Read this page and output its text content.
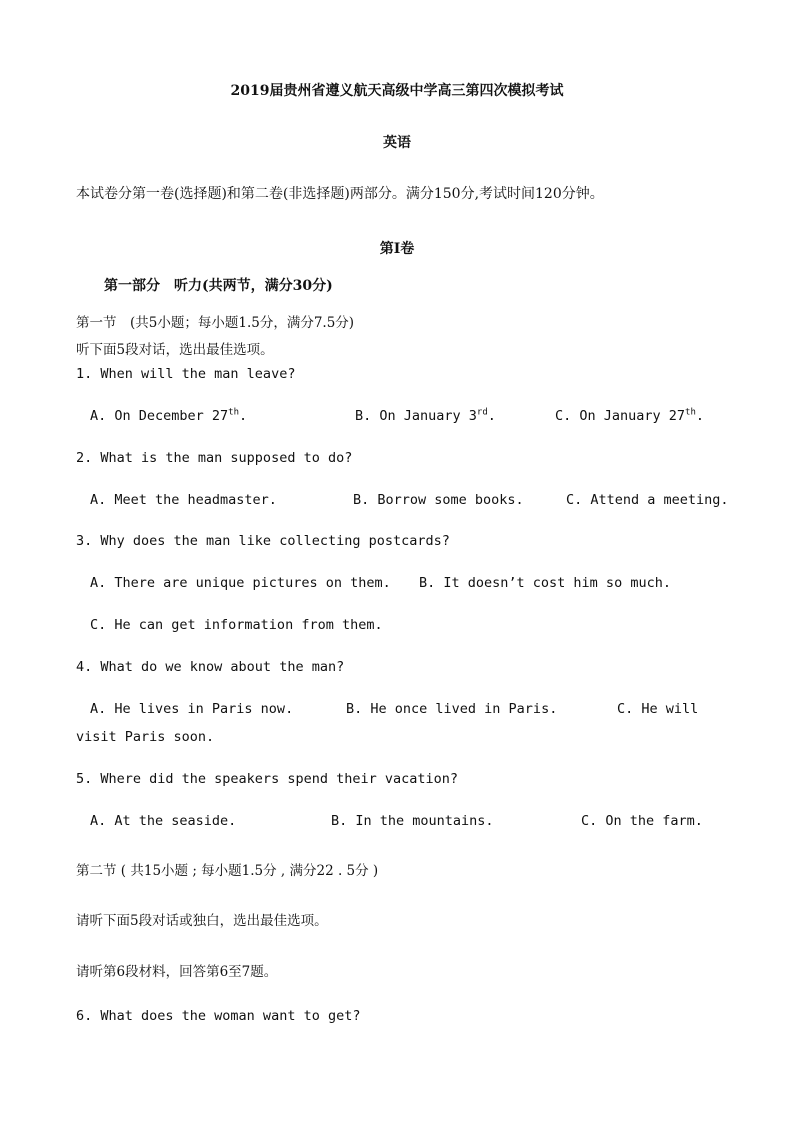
2019届贵州省遵义航天高级中学高三第四次模拟考试
英语
本试卷分第一卷(选择题)和第二卷(非选择题)两部分。满分150分,考试时间120分钟。
第Ⅰ卷
第一部分　听力(共两节，满分30分)
第一节　(共5小题；每小题1.5分，满分7.5分)
听下面5段对话，选出最佳选项。
1. When will the man leave?
A. On December 27th.	B. On January 3rd.	C. On January 27th.
2. What is the man supposed to do?
A. Meet the headmaster.	B. Borrow some books.	C. Attend a meeting.
3. Why does the man like collecting postcards?
A. There are unique pictures on them. B. It doesn’t cost him so much.
C. He can get information from them.
4. What do we know about the man?
A. He lives in Paris now.	B. He once lived in Paris.	C. He will
visit Paris soon.
5. Where did the speakers spend their vacation?
A. At the seaside.	B. In the mountains.	C. On the farm.
第二节 ( 共15小题 ; 每小题1.5分 , 满分22 . 5分 )
请听下面5段对话或独白，选出最佳选项。
请听第6段材料，回答第6至7题。
6. What does the woman want to get?
